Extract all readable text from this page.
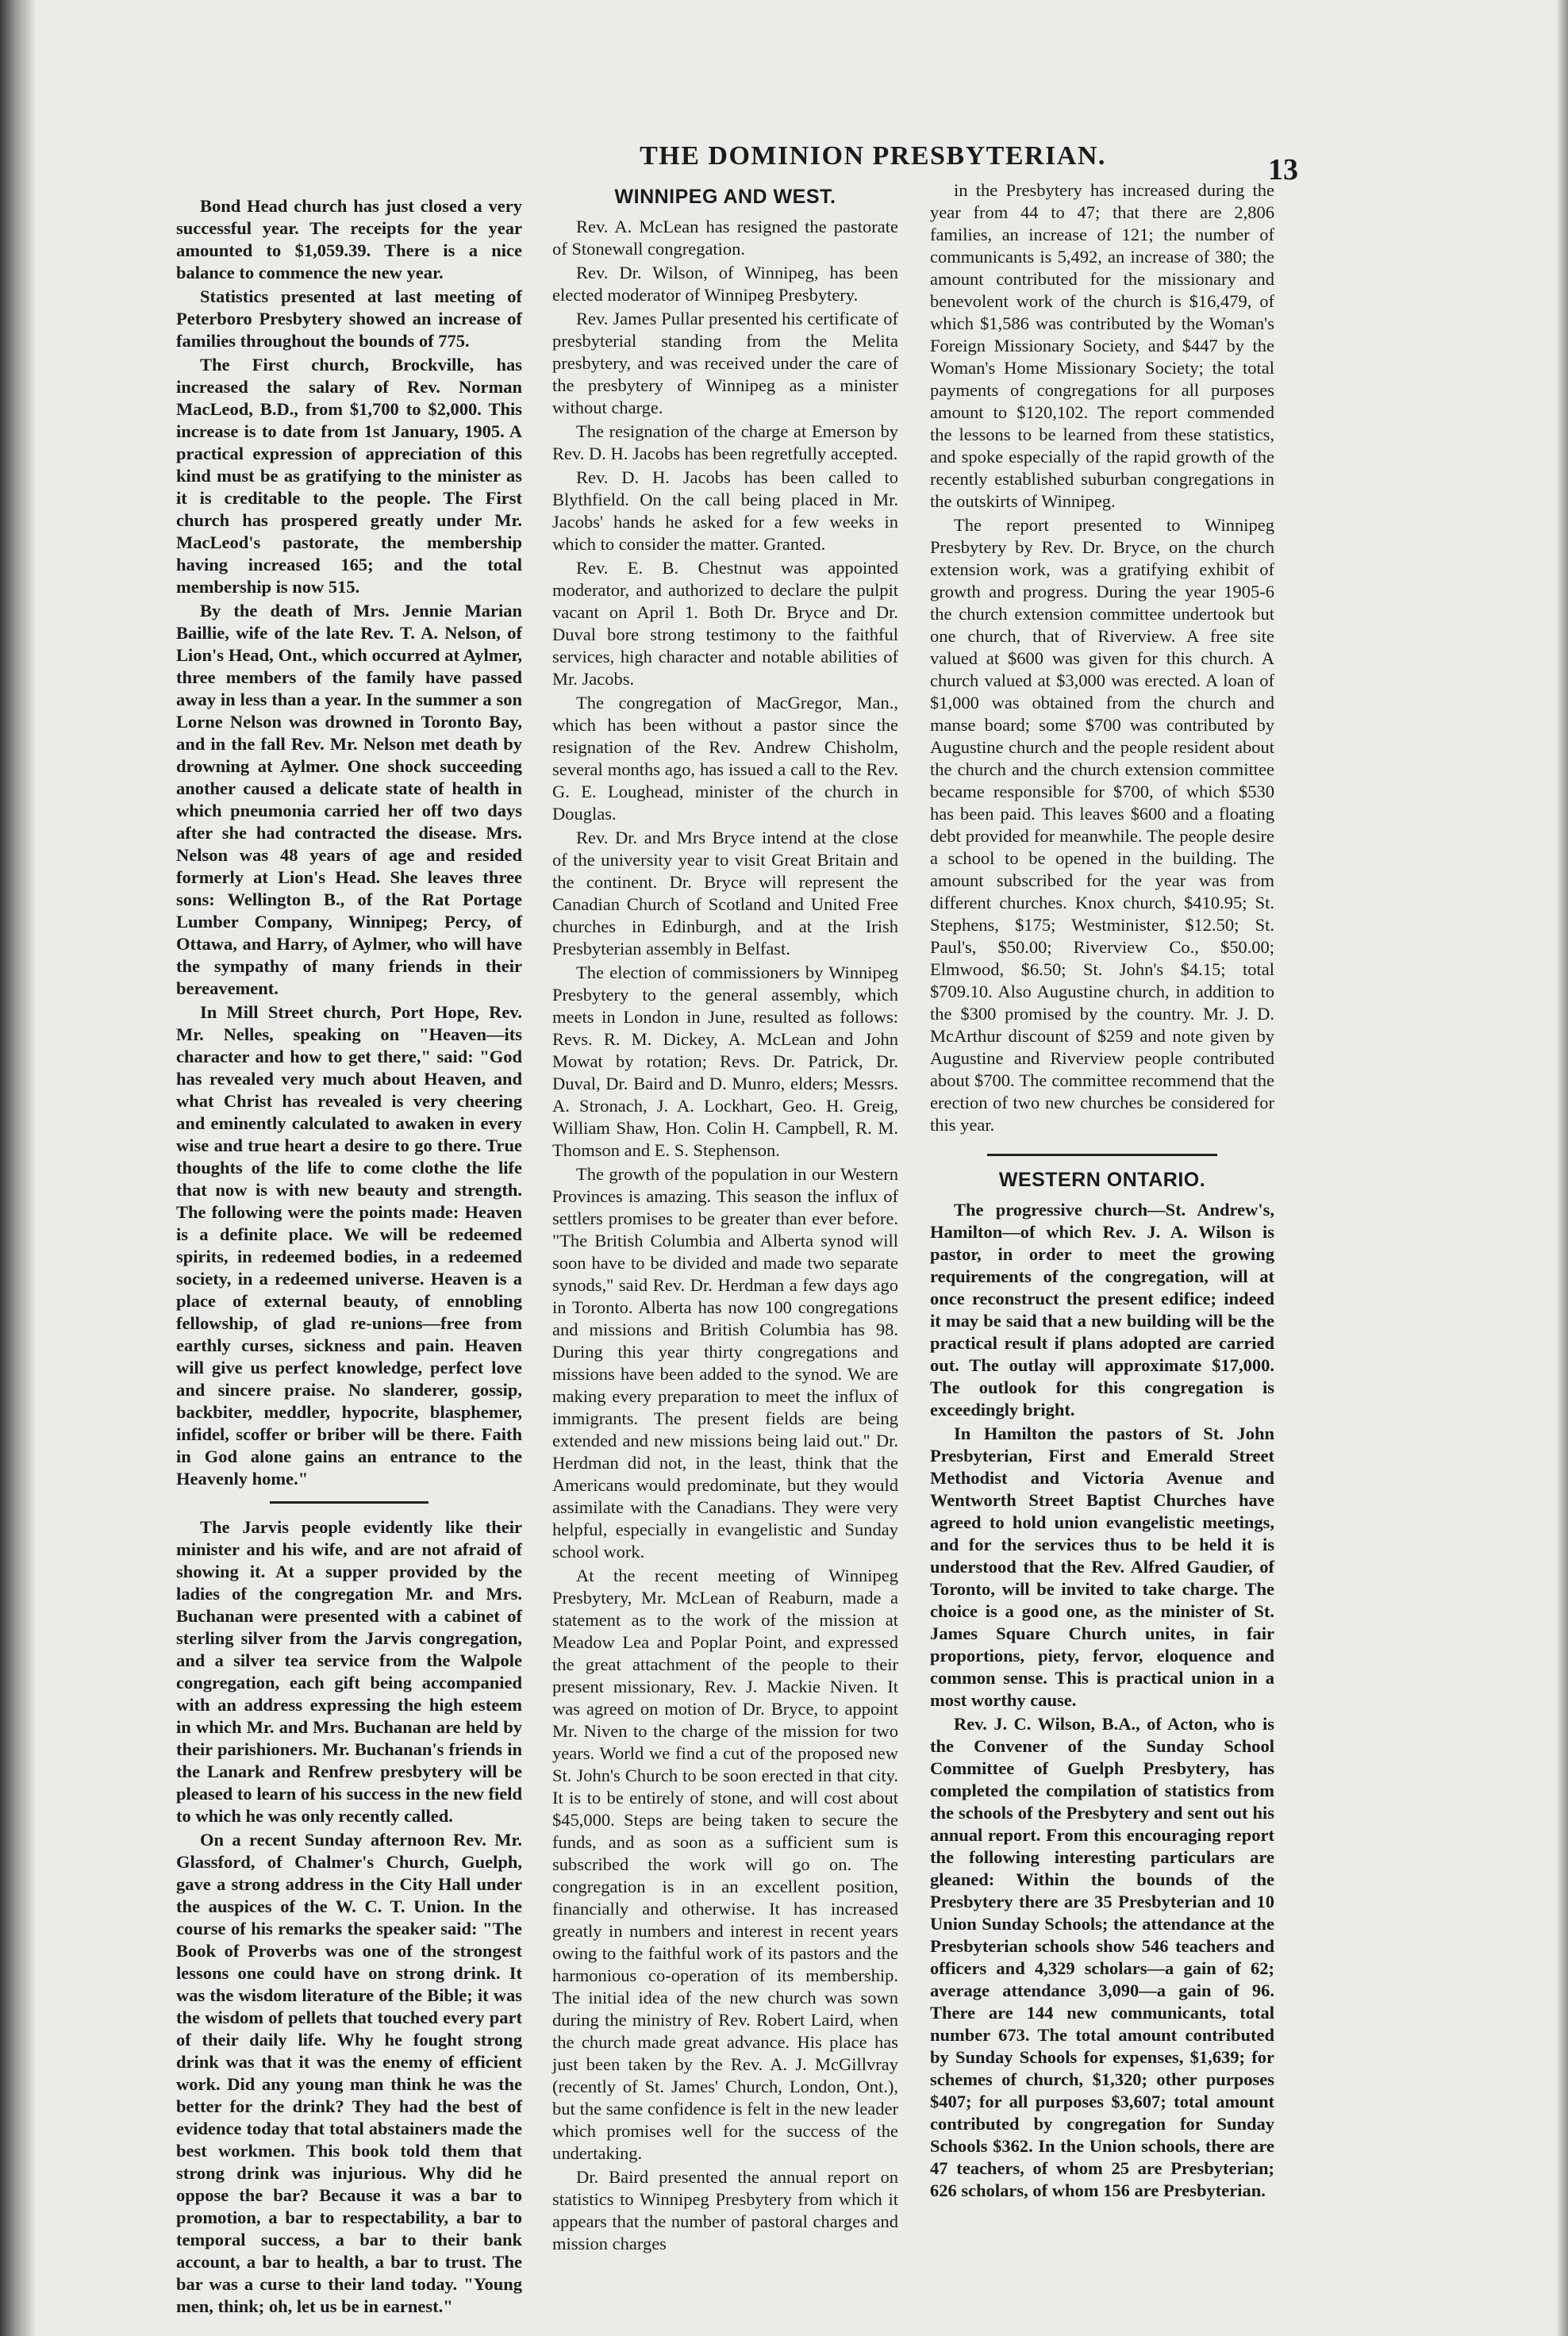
THE DOMINION PRESBYTERIAN.	13

Bond Head church has just closed a very successful year. The receipts for the year amounted to $1,059.39. There is a nice balance to commence the new year.

Statistics presented at last meeting of Peterboro Presbytery showed an increase of families throughout the bounds of 775.

The First church, Brockville, has increased the salary of Rev. Norman MacLeod, B.D., from $1,700 to $2,000. This increase is to date from 1st January, 1905. A practical expression of appreciation of this kind must be as gratifying to the minister as it is creditable to the people. The First church has prospered greatly under Mr. MacLeod's pastorate, the membership having increased 165; and the total membership is now 515.

By the death of Mrs. Jennie Marian Baillie, wife of the late Rev. T. A. Nelson, of Lion's Head, Ont., which occurred at Aylmer, three members of the family have passed away in less than a year. In the summer a son Lorne Nelson was drowned in Toronto Bay, and in the fall Rev. Mr. Nelson met death by drowning at Aylmer. One shock succeeding another caused a delicate state of health in which pneumonia carried her off two days after she had contracted the disease. Mrs. Nelson was 48 years of age and resided formerly at Lion's Head. She leaves three sons: Wellington B., of the Rat Portage Lumber Company, Winnipeg; Percy, of Ottawa, and Harry, of Aylmer, who will have the sympathy of many friends in their bereavement.

In Mill Street church, Port Hope, Rev. Mr. Nelles, speaking on "Heaven—its character and how to get there," said: "God has revealed very much about Heaven, and what Christ has revealed is very cheering and eminently calculated to awaken in every wise and true heart a desire to go there. True thoughts of the life to come clothe the life that now is with new beauty and strength. The following were the points made: Heaven is a definite place. We will be redeemed spirits, in redeemed bodies, in a redeemed society, in a redeemed universe. Heaven is a place of external beauty, of ennobling fellowship, of glad re-unions—free from earthly curses, sickness and pain. Heaven will give us perfect knowledge, perfect love and sincere praise. No slanderer, gossip, backbiter, meddler, hypocrite, blasphemer, infidel, scoffer or briber will be there. Faith in God alone gains an entrance to the Heavenly home."

The Jarvis people evidently like their minister and his wife, and are not afraid of showing it. At a supper provided by the ladies of the congregation Mr. and Mrs. Buchanan were presented with a cabinet of sterling silver from the Jarvis congregation, and a silver tea service from the Walpole congregation, each gift being accompanied with an address expressing the high esteem in which Mr. and Mrs. Buchanan are held by their parishioners. Mr. Buchanan's friends in the Lanark and Renfrew presbytery will be pleased to learn of his success in the new field to which he was only recently called.

On a recent Sunday afternoon Rev. Mr. Glassford, of Chalmer's Church, Guelph, gave a strong address in the City Hall under the auspices of the W. C. T. Union. In the course of his remarks the speaker said: "The Book of Proverbs was one of the strongest lessons one could have on strong drink. It was the wisdom literature of the Bible; it was the wisdom of pellets that touched every part of their daily life. Why he fought strong drink was that it was the enemy of efficient work. Did any young man think he was the better for the drink? They had the best of evidence today that total abstainers made the best workmen. This book told them that strong drink was injurious. Why did he oppose the bar? Because it was a bar to promotion, a bar to respectability, a bar to temporal success, a bar to their bank account, a bar to health, a bar to trust. The bar was a curse to their land today. "Young men, think; oh, let us be in earnest."

WINNIPEG AND WEST.

Rev. A. McLean has resigned the pastorate of Stonewall congregation.

Rev. Dr. Wilson, of Winnipeg, has been elected moderator of Winnipeg Presbytery.

Rev. James Pullar presented his certificate of presbyterial standing from the Melita presbytery, and was received under the care of the presbytery of Winnipeg as a minister without charge.

The resignation of the charge at Emerson by Rev. D. H. Jacobs has been regretfully accepted.

Rev. D. H. Jacobs has been called to Blythfield. On the call being placed in Mr. Jacobs' hands he asked for a few weeks in which to consider the matter. Granted.

Rev. E. B. Chestnut was appointed moderator, and authorized to declare the pulpit vacant on April 1. Both Dr. Bryce and Dr. Duval bore strong testimony to the faithful services, high character and notable abilities of Mr. Jacobs.

The congregation of MacGregor, Man., which has been without a pastor since the resignation of the Rev. Andrew Chisholm, several months ago, has issued a call to the Rev. G. E. Loughead, minister of the church in Douglas.

Rev. Dr. and Mrs Bryce intend at the close of the university year to visit Great Britain and the continent. Dr. Bryce will represent the Canadian Church of Scotland and United Free churches in Edinburgh, and at the Irish Presbyterian assembly in Belfast.

The election of commissioners by Winnipeg Presbytery to the general assembly, which meets in London in June, resulted as follows: Revs. R. M. Dickey, A. McLean and John Mowat by rotation; Revs. Dr. Patrick, Dr. Duval, Dr. Baird and D. Munro, elders; Messrs. A. Stronach, J. A. Lockhart, Geo. H. Greig, William Shaw, Hon. Colin H. Campbell, R. M. Thomson and E. S. Stephenson.

The growth of the population in our Western Provinces is amazing. This season the influx of settlers promises to be greater than ever before. "The British Columbia and Alberta synod will soon have to be divided and made two separate synods," said Rev. Dr. Herdman a few days ago in Toronto. Alberta has now 100 congregations and missions and British Columbia has 98. During this year thirty congregations and missions have been added to the synod. We are making every preparation to meet the influx of immigrants. The present fields are being extended and new missions being laid out." Dr. Herdman did not, in the least, think that the Americans would predominate, but they would assimilate with the Canadians. They were very helpful, especially in evangelistic and Sunday school work.

At the recent meeting of Winnipeg Presbytery, Mr. McLean of Reaburn, made a statement as to the work of the mission at Meadow Lea and Poplar Point, and expressed the great attachment of the people to their present missionary, Rev. J. Mackie Niven. It was agreed on motion of Dr. Bryce, to appoint Mr. Niven to the charge of the mission for two years. World we find a cut of the proposed new St. John's Church to be soon erected in that city. It is to be entirely of stone, and will cost about $45,000. Steps are being taken to secure the funds, and as soon as a sufficient sum is subscribed the work will go on. The congregation is in an excellent position, financially and otherwise. It has increased greatly in numbers and interest in recent years owing to the faithful work of its pastors and the harmonious co-operation of its membership. The initial idea of the new church was sown during the ministry of Rev. Robert Laird, when the church made great advance. His place has just been taken by the Rev. A. J. McGillvray (recently of St. James' Church, London, Ont.), but the same confidence is felt in the new leader which promises well for the success of the undertaking.

Dr. Baird presented the annual report on statistics to Winnipeg Presbytery from which it appears that the number of pastoral charges and mission charges

in the Presbytery has increased during the year from 44 to 47; that there are 2,806 families, an increase of 121; the number of communicants is 5,492, an increase of 380; the amount contributed for the missionary and benevolent work of the church is $16,479, of which $1,586 was contributed by the Woman's Foreign Missionary Society, and $447 by the Woman's Home Missionary Society; the total payments of congregations for all purposes amount to $120,102. The report commended the lessons to be learned from these statistics, and spoke especially of the rapid growth of the recently established suburban congregations in the outskirts of Winnipeg.

The report presented to Winnipeg Presbytery by Rev. Dr. Bryce, on the church extension work, was a gratifying exhibit of growth and progress. During the year 1905-6 the church extension committee undertook but one church, that of Riverview. A free site valued at $600 was given for this church. A church valued at $3,000 was erected. A loan of $1,000 was obtained from the church and manse board; some $700 was contributed by Augustine church and the people resident about the church and the church extension committee became responsible for $700, of which $530 has been paid. This leaves $600 and a floating debt provided for meanwhile. The people desire a school to be opened in the building. The amount subscribed for the year was from different churches. Knox church, $410.95; St. Stephens, $175; Westminister, $12.50; St. Paul's, $50.00; Riverview Co., $50.00; Elmwood, $6.50; St. John's $4.15; total $709.10. Also Augustine church, in addition to the $300 promised by the country. Mr. J. D. McArthur discount of $259 and note given by Augustine and Riverview people contributed about $700. The committee recommend that the erection of two new churches be considered for this year.

WESTERN ONTARIO.

The progressive church—St. Andrew's, Hamilton—of which Rev. J. A. Wilson is pastor, in order to meet the growing requirements of the congregation, will at once reconstruct the present edifice; indeed it may be said that a new building will be the practical result if plans adopted are carried out. The outlay will approximate $17,000. The outlook for this congregation is exceedingly bright.

In Hamilton the pastors of St. John Presbyterian, First and Emerald Street Methodist and Victoria Avenue and Wentworth Street Baptist Churches have agreed to hold union evangelistic meetings, and for the services thus to be held it is understood that the Rev. Alfred Gaudier, of Toronto, will be invited to take charge. The choice is a good one, as the minister of St. James Square Church unites, in fair proportions, piety, fervor, eloquence and common sense. This is practical union in a most worthy cause.

Rev. J. C. Wilson, B.A., of Acton, who is the Convener of the Sunday School Committee of Guelph Presbytery, has completed the compilation of statistics from the schools of the Presbytery and sent out his annual report. From this encouraging report the following interesting particulars are gleaned: Within the bounds of the Presbytery there are 35 Presbyterian and 10 Union Sunday Schools; the attendance at the Presbyterian schools show 546 teachers and officers and 4,329 scholars—a gain of 62; average attendance 3,090—a gain of 96. There are 144 new communicants, total number 673. The total amount contributed by Sunday Schools for expenses, $1,639; for schemes of church, $1,320; other purposes $407; for all purposes $3,607; total amount contributed by congregation for Sunday Schools $362. In the Union schools, there are 47 teachers, of whom 25 are Presbyterian; 626 scholars, of whom 156 are Presbyterian.
